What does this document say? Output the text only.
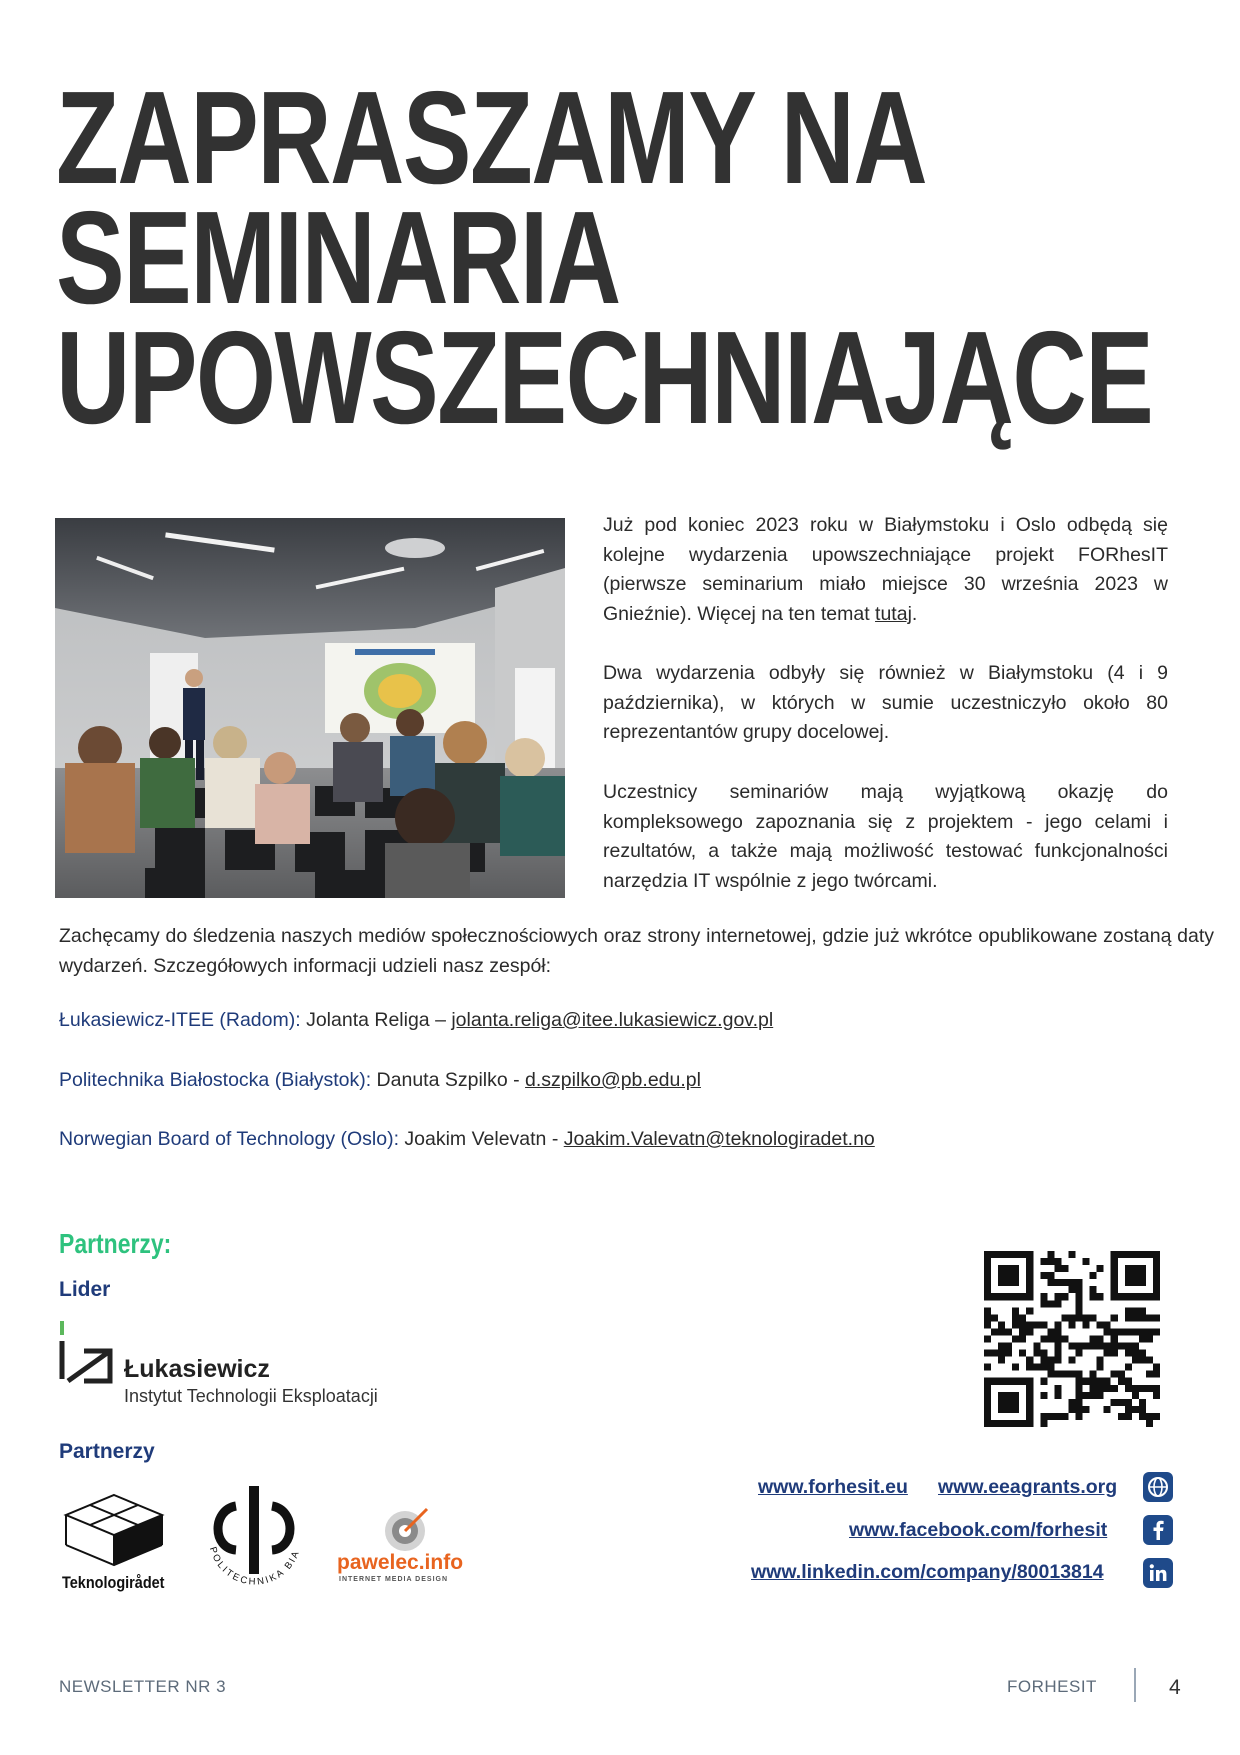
ZAPRASZAMY NA
SEMINARIA
UPOWSZECHNIAJĄCE

Już pod koniec 2023 roku w Białymstoku i Oslo odbędą się kolejne wydarzenia upowszechniające projekt FORhesIT (pierwsze seminarium miało miejsce 30 września 2023 w Gnieźnie). Więcej na ten temat tutaj.

Dwa wydarzenia odbyły się również w Białymstoku (4 i 9 października), w których w sumie uczestniczyło około 80 reprezentantów grupy docelowej.

Uczestnicy seminariów mają wyjątkową okazję do kompleksowego zapoznania się z projektem - jego celami i rezultatów, a także mają możliwość testować funkcjonalności narzędzia IT wspólnie z jego twórcami.

Zachęcamy do śledzenia naszych mediów społecznościowych oraz strony internetowej, gdzie już wkrótce opublikowane zostaną daty wydarzeń. Szczegółowych informacji udzieli nasz zespół:

Łukasiewicz-ITEE (Radom): Jolanta Religa – jolanta.religa@itee.lukasiewicz.gov.pl
Politechnika Białostocka (Białystok): Danuta Szpilko - d.szpilko@pb.edu.pl
Norwegian Board of Technology (Oslo): Joakim Velevatn - Joakim.Valevatn@teknologiradet.no
Partnerzy:
Lider
Łukasiewicz
Instytut Technologii Eksploatacji
Partnerzy
Teknologirådet
POLITECHNIKA BIA pawelec.info
INTERNET MEDIA DESIGN
www.forhesit.eu www.eeagrants.org
www.facebook.com/forhesit
www.linkedin.com/company/80013814
NEWSLETTER NR 3	FORHESIT	4
